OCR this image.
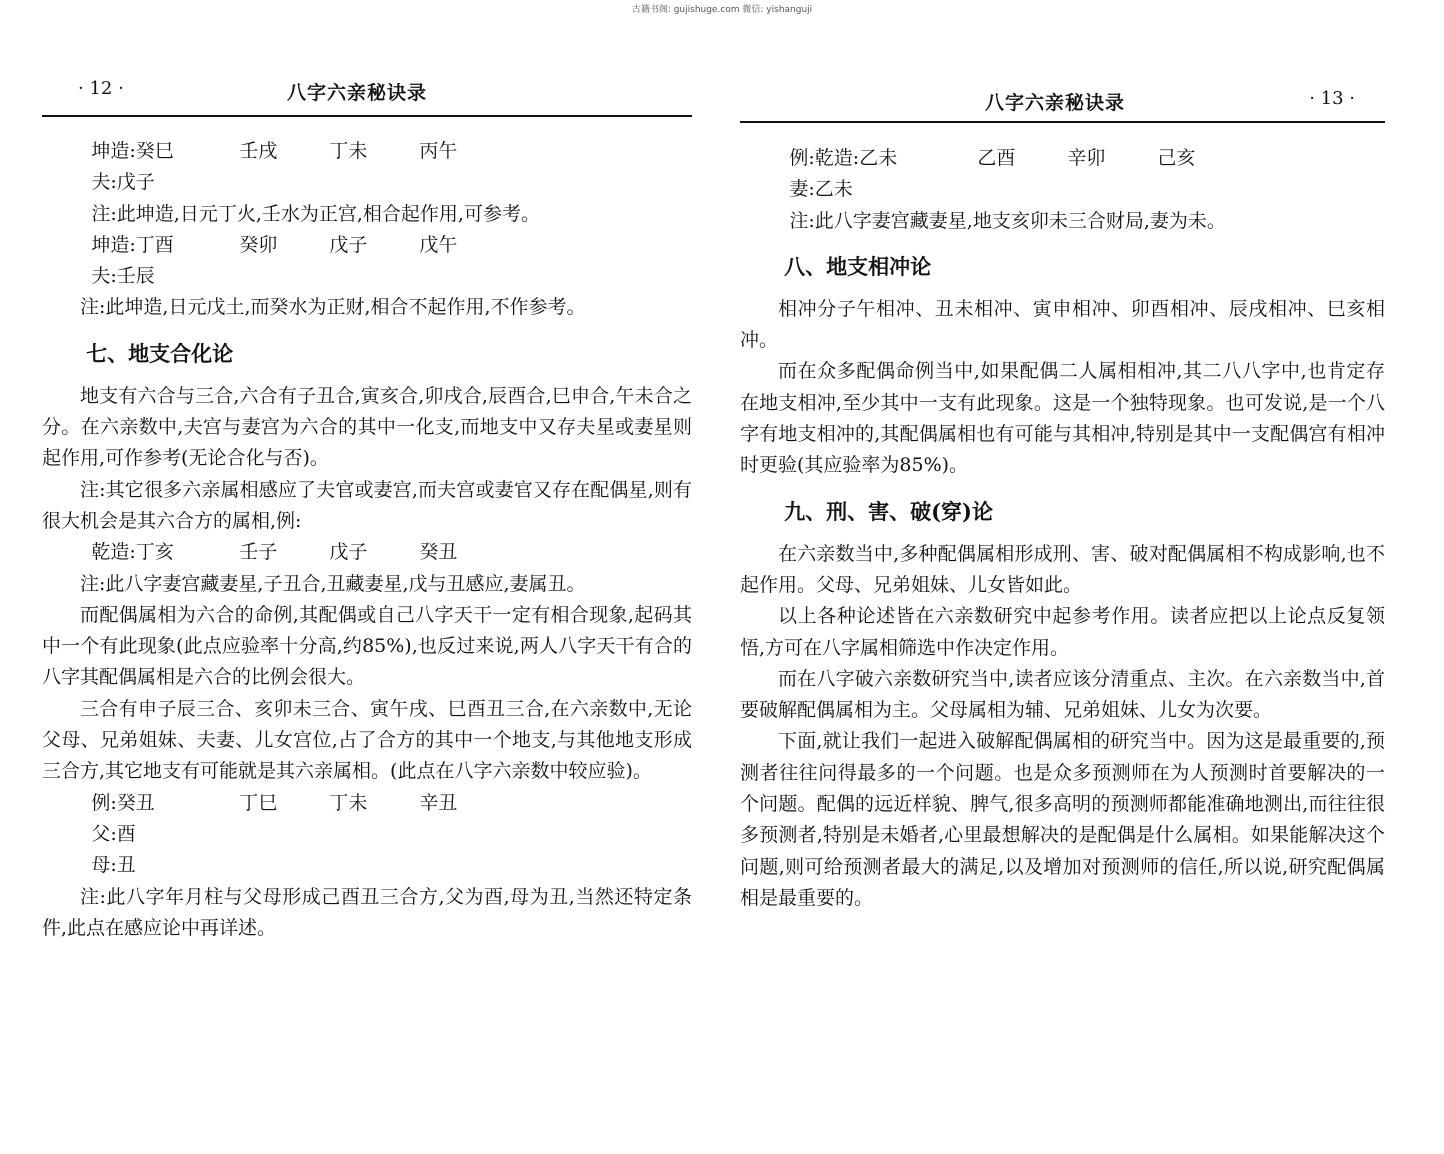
古籍书阁: gujishuge.com 微信: yishanguji
· 12 ·	八字六亲秘诀录
坤造:癸巳	壬戌	丁未	丙午

夫:戊子

注:此坤造,日元丁火,壬水为正宫,相合起作用,可参考。

坤造:丁酉	癸卯	戊子	戊午

夫:壬辰

注:此坤造,日元戊土,而癸水为正财,相合不起作用,不作参考。

七、地支合化论

地支有六合与三合,六合有子丑合,寅亥合,卯戌合,辰酉合,巳申合,午未合之分。在六亲数中,夫宫与妻宫为六合的其中一化支,而地支中又存夫星或妻星则起作用,可作参考(无论合化与否)。

注:其它很多六亲属相感应了夫官或妻宫,而夫宫或妻官又存在配偶星,则有很大机会是其六合方的属相,例:

乾造:丁亥	壬子	戊子	癸丑

注:此八字妻宫藏妻星,子丑合,丑藏妻星,戊与丑感应,妻属丑。

而配偶属相为六合的命例,其配偶或自己八字天干一定有相合现象,起码其中一个有此现象(此点应验率十分高,约85%),也反过来说,两人八字天干有合的八字其配偶属相是六合的比例会很大。

三合有申子辰三合、亥卯未三合、寅午戌、巳酉丑三合,在六亲数中,无论父母、兄弟姐妹、夫妻、儿女宫位,占了合方的其中一个地支,与其他地支形成三合方,其它地支有可能就是其六亲属相。(此点在八字六亲数中较应验)。

例:癸丑	丁巳	丁未	辛丑

父:酉

母:丑

注:此八字年月柱与父母形成己酉丑三合方,父为酉,母为丑,当然还特定条件,此点在感应论中再详述。

八字六亲秘诀录	· 13 ·
例:乾造:乙未	乙酉	辛卯	己亥

妻:乙未

注:此八字妻宫藏妻星,地支亥卯未三合财局,妻为未。

八、地支相冲论

相冲分子午相冲、丑未相冲、寅申相冲、卯酉相冲、辰戌相冲、巳亥相冲。

而在众多配偶命例当中,如果配偶二人属相相冲,其二八八字中,也肯定存在地支相冲,至少其中一支有此现象。这是一个独特现象。也可发说,是一个八字有地支相冲的,其配偶属相也有可能与其相冲,特别是其中一支配偶宫有相冲时更验(其应验率为85%)。

九、刑、害、破(穿)论

在六亲数当中,多种配偶属相形成刑、害、破对配偶属相不构成影响,也不起作用。父母、兄弟姐妹、儿女皆如此。

以上各种论述皆在六亲数研究中起参考作用。读者应把以上论点反复领悟,方可在八字属相筛选中作决定作用。

而在八字破六亲数研究当中,读者应该分清重点、主次。在六亲数当中,首要破解配偶属相为主。父母属相为辅、兄弟姐妹、儿女为次要。

下面,就让我们一起进入破解配偶属相的研究当中。因为这是最重要的,预测者往往问得最多的一个问题。也是众多预测师在为人预测时首要解决的一个问题。配偶的远近样貌、脾气,很多高明的预测师都能准确地测出,而往往很多预测者,特别是未婚者,心里最想解决的是配偶是什么属相。如果能解决这个问题,则可给预测者最大的满足,以及增加对预测师的信任,所以说,研究配偶属相是最重要的。
